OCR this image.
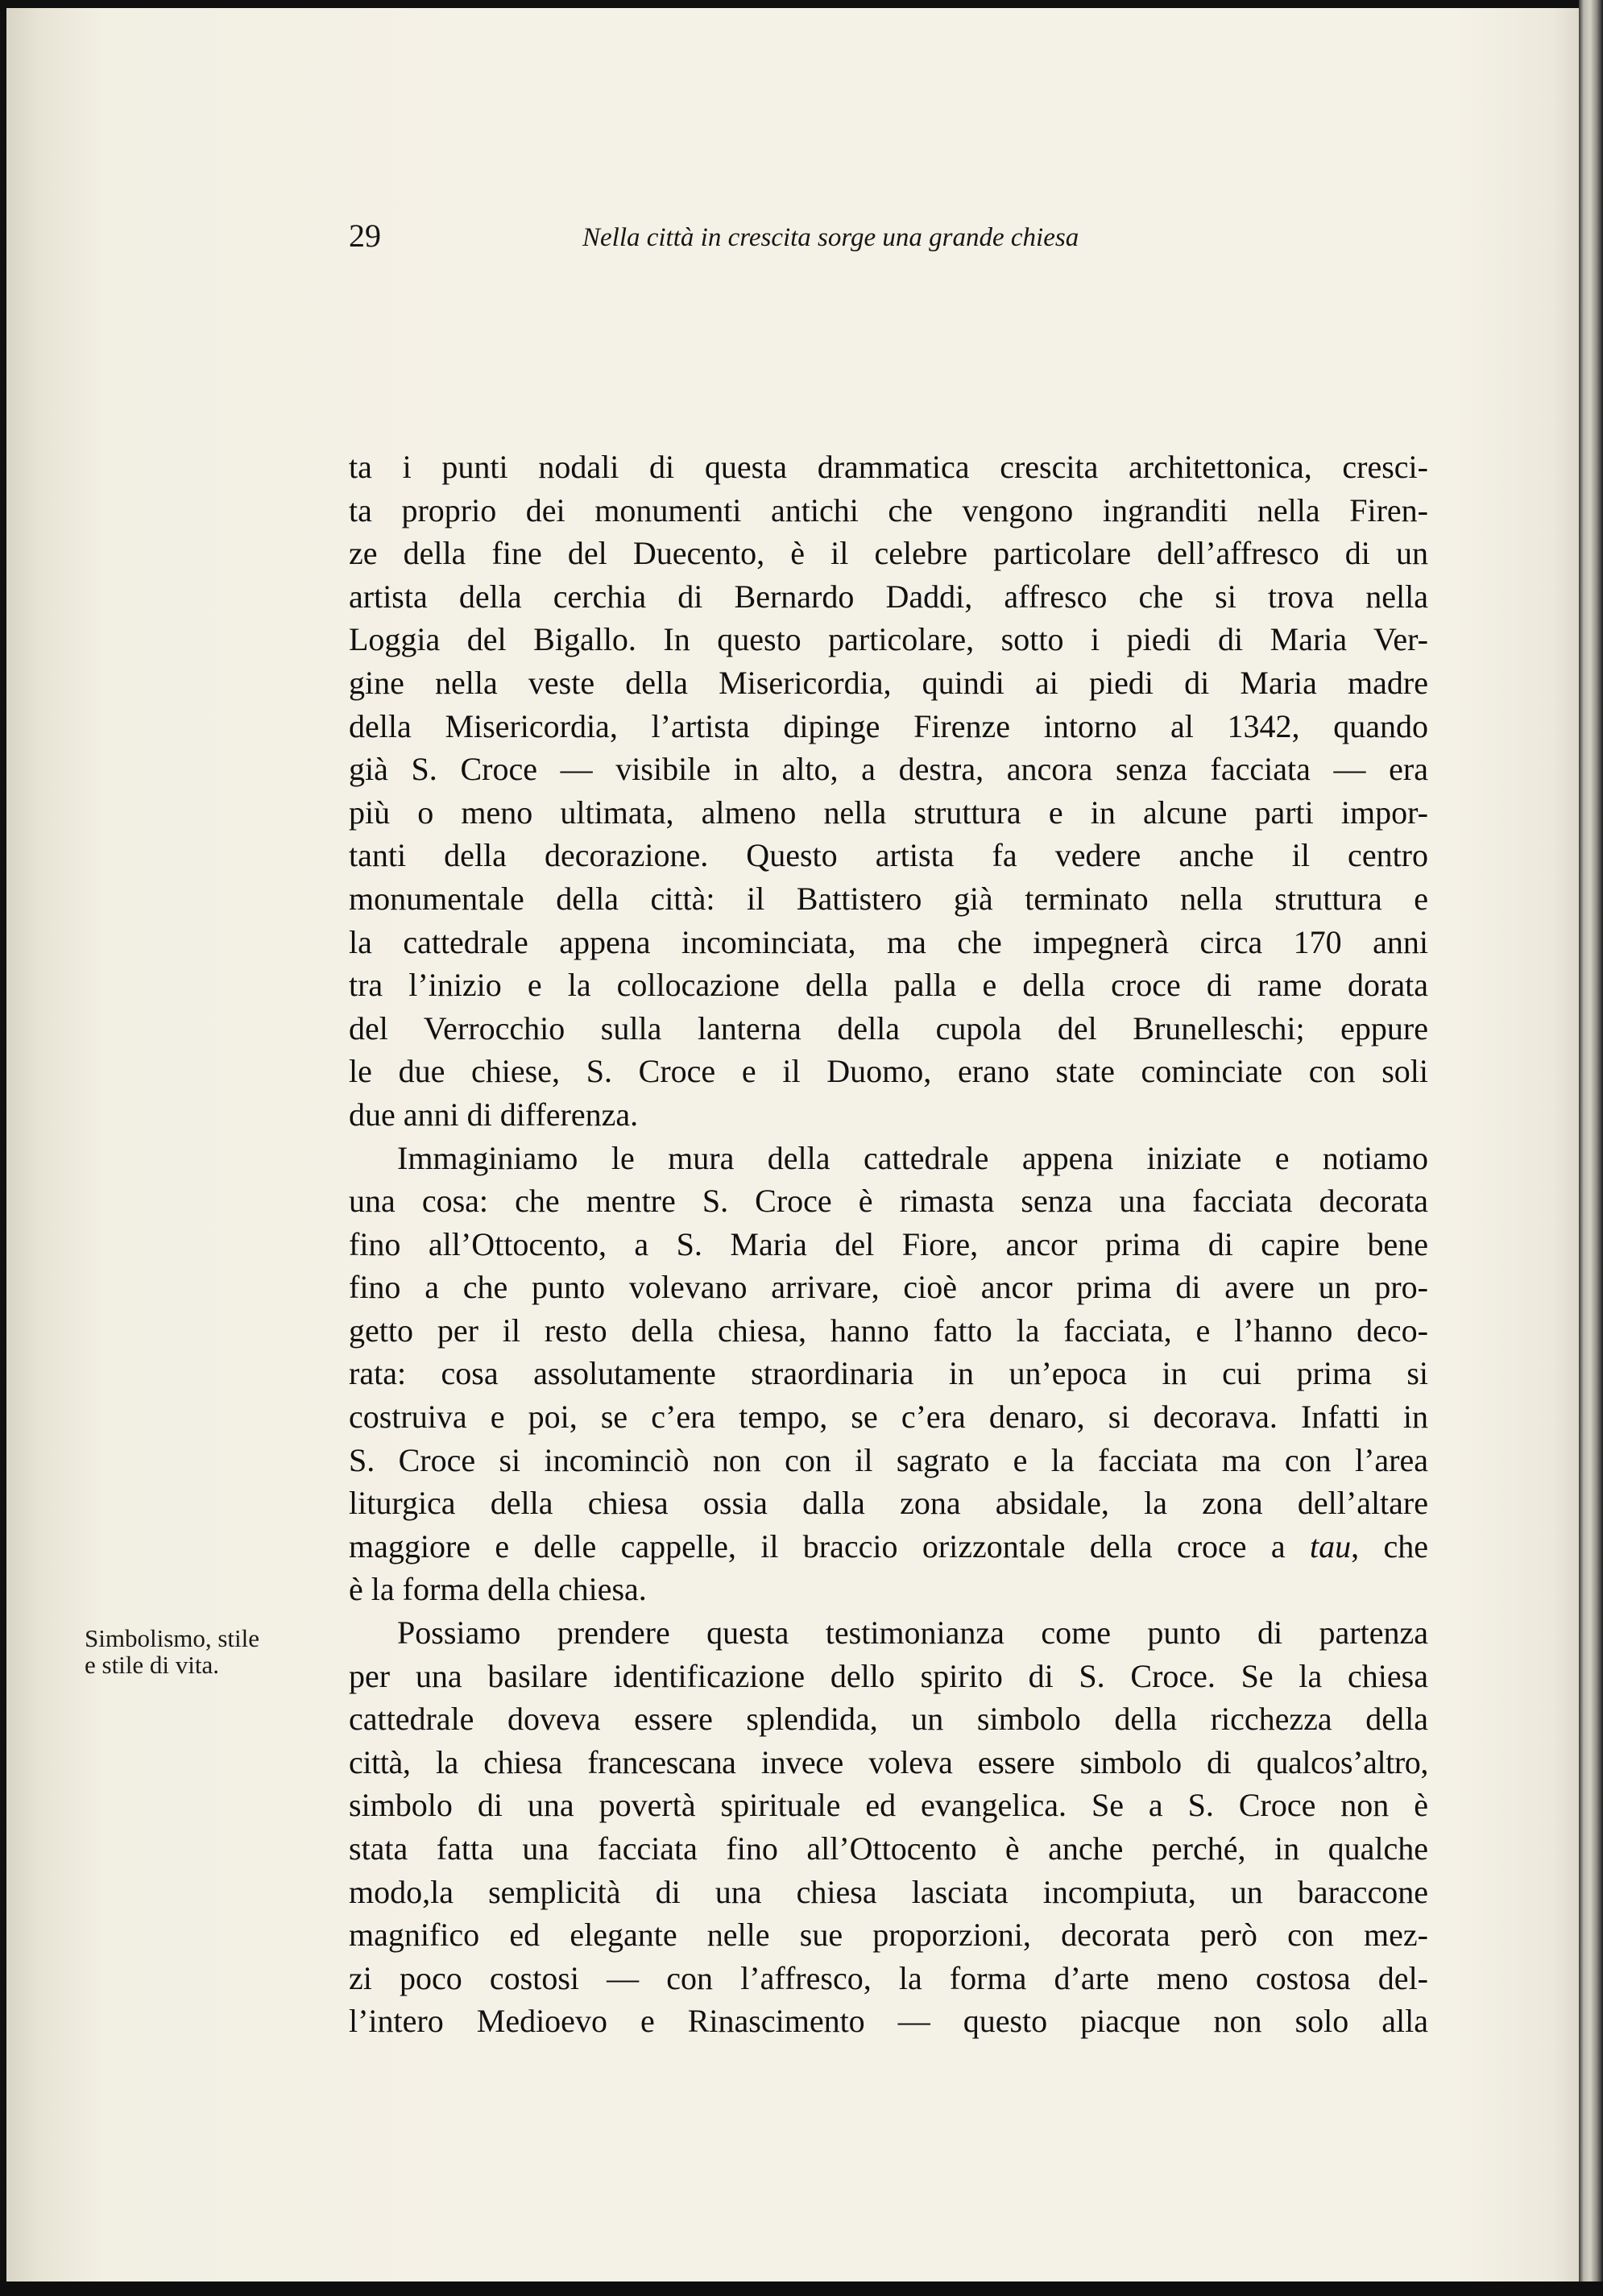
29	Nella città in crescita sorge una grande chiesa
Simbolismo, stile
e stile di vita.
ta i punti nodali di questa drammatica crescita architettonica, cresci-
ta proprio dei monumenti antichi che vengono ingranditi nella Firen-
ze della fine del Duecento, è il celebre particolare dell’affresco di un
artista della cerchia di Bernardo Daddi, affresco che si trova nella
Loggia del Bigallo. In questo particolare, sotto i piedi di Maria Ver-
gine nella veste della Misericordia, quindi ai piedi di Maria madre
della Misericordia, l’artista dipinge Firenze intorno al 1342, quando
già S. Croce — visibile in alto, a destra, ancora senza facciata — era
più o meno ultimata, almeno nella struttura e in alcune parti impor-
tanti della decorazione. Questo artista fa vedere anche il centro
monumentale della città: il Battistero già terminato nella struttura e
la cattedrale appena incominciata, ma che impegnerà circa 170 anni
tra l’inizio e la collocazione della palla e della croce di rame dorata
del Verrocchio sulla lanterna della cupola del Brunelleschi; eppure
le due chiese, S. Croce e il Duomo, erano state cominciate con soli
due anni di differenza.
Immaginiamo le mura della cattedrale appena iniziate e notiamo
una cosa: che mentre S. Croce è rimasta senza una facciata decorata
fino all’Ottocento, a S. Maria del Fiore, ancor prima di capire bene
fino a che punto volevano arrivare, cioè ancor prima di avere un pro-
getto per il resto della chiesa, hanno fatto la facciata, e l’hanno deco-
rata: cosa assolutamente straordinaria in un’epoca in cui prima si
costruiva e poi, se c’era tempo, se c’era denaro, si decorava. Infatti in
S. Croce si incominciò non con il sagrato e la facciata ma con l’area
liturgica della chiesa ossia dalla zona absidale, la zona dell’altare
maggiore e delle cappelle, il braccio orizzontale della croce a tau, che
è la forma della chiesa.
Possiamo prendere questa testimonianza come punto di partenza
per una basilare identificazione dello spirito di S. Croce. Se la chiesa
cattedrale doveva essere splendida, un simbolo della ricchezza della
città, la chiesa francescana invece voleva essere simbolo di qualcos’altro,
simbolo di una povertà spirituale ed evangelica. Se a S. Croce non è
stata fatta una facciata fino all’Ottocento è anche perché, in qualche
modo,la semplicità di una chiesa lasciata incompiuta, un baraccone
magnifico ed elegante nelle sue proporzioni, decorata però con mez-
zi poco costosi — con l’affresco, la forma d’arte meno costosa del-
l’intero Medioevo e Rinascimento — questo piacque non solo alla
